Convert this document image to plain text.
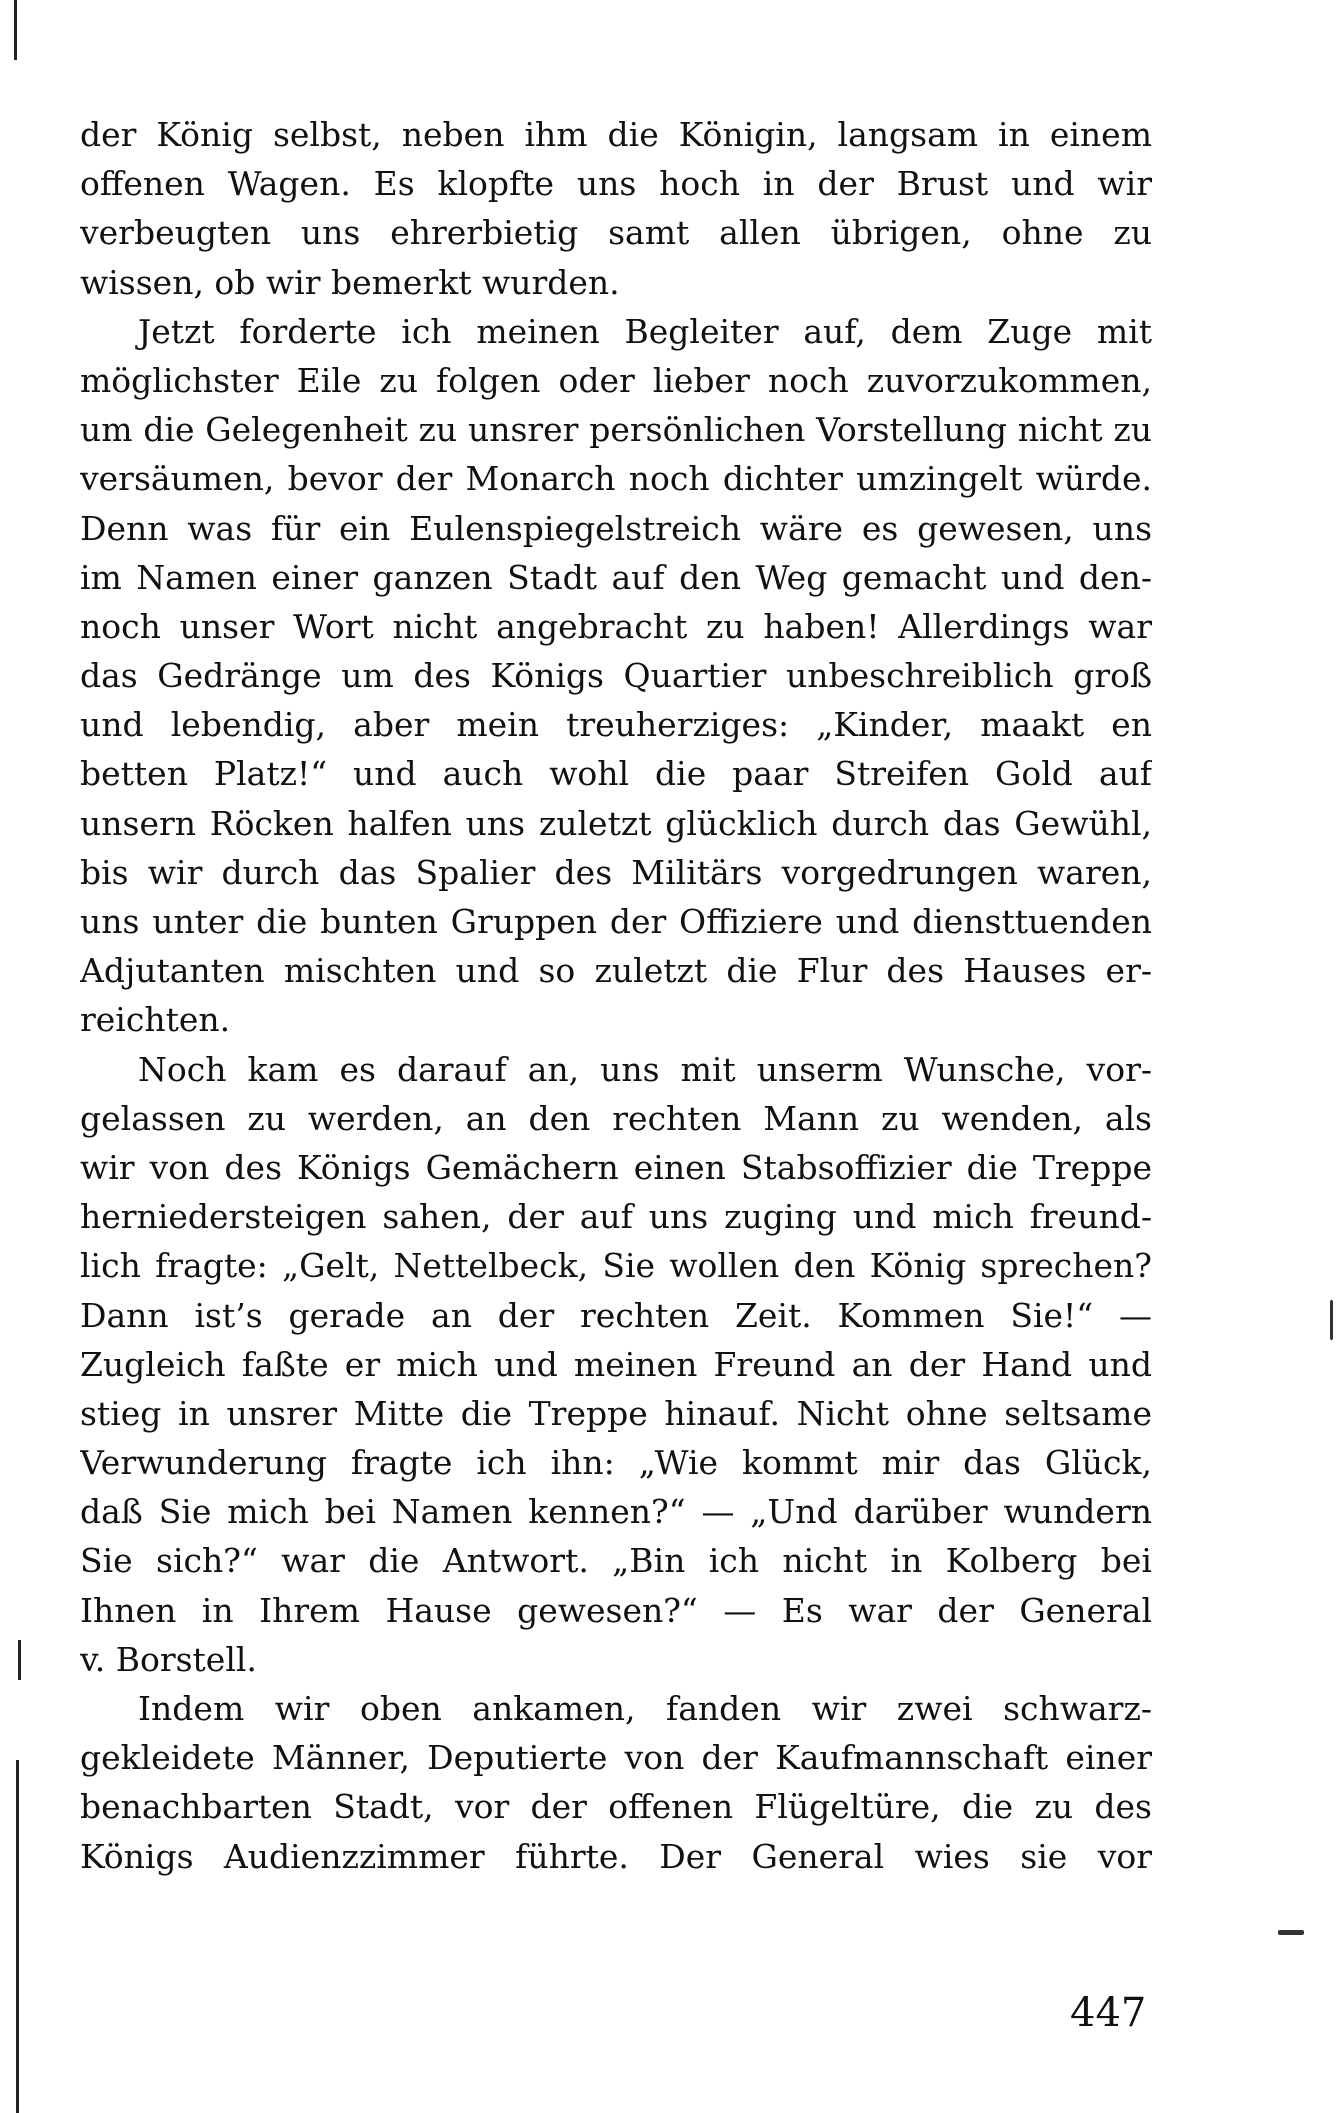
der König selbst, neben ihm die Königin, langsam in einem
offenen Wagen. Es klopfte uns hoch in der Brust und wir
verbeugten uns ehrerbietig samt allen übrigen, ohne zu
wissen, ob wir bemerkt wurden.

Jetzt forderte ich meinen Begleiter auf, dem Zuge mit
möglichster Eile zu folgen oder lieber noch zuvorzukommen,
um die Gelegenheit zu unsrer persönlichen Vorstellung nicht zu
versäumen, bevor der Monarch noch dichter umzingelt würde.
Denn was für ein Eulenspiegelstreich wäre es gewesen, uns
im Namen einer ganzen Stadt auf den Weg gemacht und den-
noch unser Wort nicht angebracht zu haben! Allerdings war
das Gedränge um des Königs Quartier unbeschreiblich groß
und lebendig, aber mein treuherziges: „Kinder, maakt en
betten Platz!“ und auch wohl die paar Streifen Gold auf
unsern Röcken halfen uns zuletzt glücklich durch das Gewühl,
bis wir durch das Spalier des Militärs vorgedrungen waren,
uns unter die bunten Gruppen der Offiziere und diensttuenden
Adjutanten mischten und so zuletzt die Flur des Hauses er-
reichten.

Noch kam es darauf an, uns mit unserm Wunsche, vor-
gelassen zu werden, an den rechten Mann zu wenden, als
wir von des Königs Gemächern einen Stabsoffizier die Treppe
herniedersteigen sahen, der auf uns zuging und mich freund-
lich fragte: „Gelt, Nettelbeck, Sie wollen den König sprechen?
Dann ist’s gerade an der rechten Zeit. Kommen Sie!“ —
Zugleich faßte er mich und meinen Freund an der Hand und
stieg in unsrer Mitte die Treppe hinauf. Nicht ohne seltsame
Verwunderung fragte ich ihn: „Wie kommt mir das Glück,
daß Sie mich bei Namen kennen?“ — „Und darüber wundern
Sie sich?“ war die Antwort. „Bin ich nicht in Kolberg bei
Ihnen in Ihrem Hause gewesen?“ — Es war der General
v. Borstell.

Indem wir oben ankamen, fanden wir zwei schwarz-
gekleidete Männer, Deputierte von der Kaufmannschaft einer
benachbarten Stadt, vor der offenen Flügeltüre, die zu des
Königs Audienzzimmer führte. Der General wies sie vor

447
